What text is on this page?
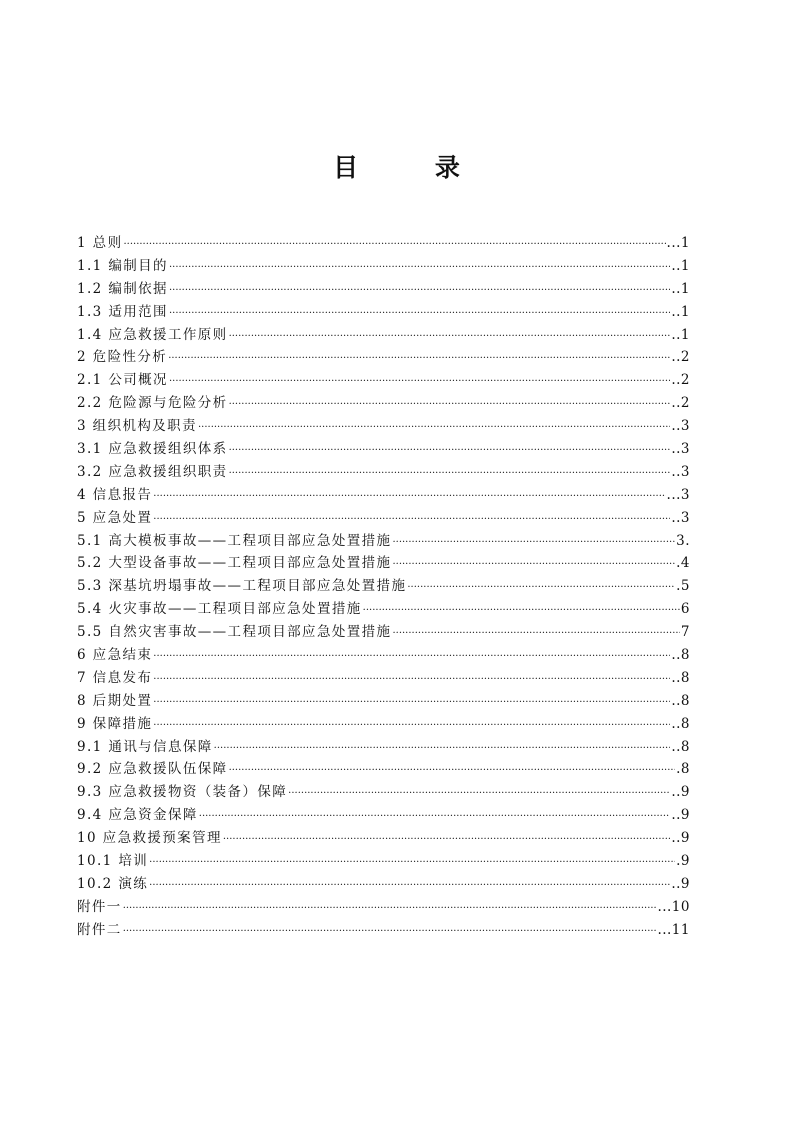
目 录
1 总则 ·····	...1
1.1 编制目的 ·····	..1
1.2 编制依据 ·····	..1
1.3 适用范围 ·····	..1
1.4 应急救援工作原则 ·····	..1
2 危险性分析 ·····	..2
2.1 公司概况 ·····	..2
2.2 危险源与危险分析 ·····	..2
3 组织机构及职责 ·····	..3
3.1 应急救援组织体系 ·····	..3
3.2 应急救援组织职责 ·····	..3
4 信息报告 ·····	...3
5 应急处置 ·····	..3
5.1 高大模板事故——工程项目部应急处置措施 ·····	3.
5.2 大型设备事故——工程项目部应急处置措施 ·····	.4
5.3 深基坑坍塌事故——工程项目部应急处置措施 ·····	.5
5.4 火灾事故——工程项目部应急处置措施 ·····	6
5.5 自然灾害事故——工程项目部应急处置措施 ·····	7
6 应急结束 ·····	..8
7 信息发布 ·····	..8
8 后期处置 ·····	..8
9 保障措施 ·····	..8
9.1 通讯与信息保障 ·····	..8
9.2 应急救援队伍保障 ·····	.8
9.3 应急救援物资（装备）保障 ·····	..9
9.4 应急资金保障 ·····	..9
10 应急救援预案管理 ·····	..9
10.1 培训 ·····	.9
10.2 演练 ·····	..9
附件一 ·····	...10
附件二 ·····	...11
